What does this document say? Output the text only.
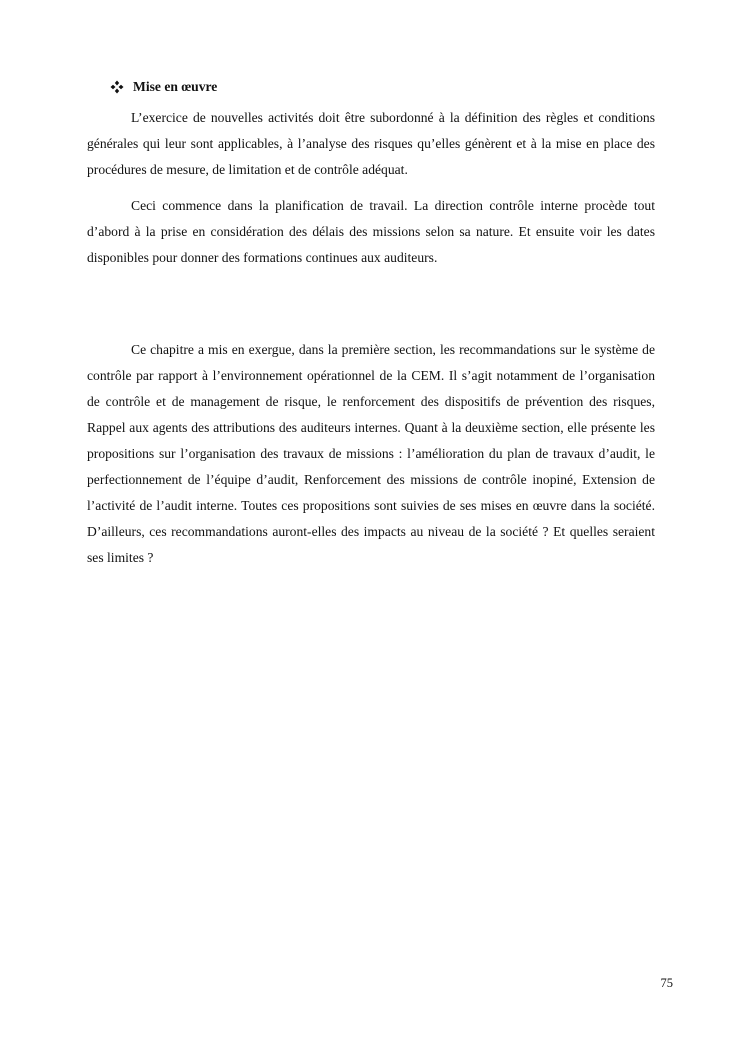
Mise en œuvre

L’exercice de nouvelles activités doit être subordonné à la définition des règles et conditions générales qui leur sont applicables, à l’analyse des risques qu’elles génèrent et à la mise en place des procédures de mesure, de limitation et de contrôle adéquat.

Ceci commence dans la planification de travail. La direction contrôle interne procède tout d’abord à la prise en considération des délais des missions selon sa nature. Et ensuite voir les dates disponibles pour donner des formations continues aux auditeurs.

Ce chapitre a mis en exergue, dans la première section, les recommandations sur le système de contrôle par rapport à l’environnement opérationnel de la CEM. Il s’agit notamment de l’organisation de contrôle et de management de risque, le renforcement des dispositifs de prévention des risques, Rappel aux agents des attributions des auditeurs internes. Quant à la deuxième section, elle présente les propositions sur l’organisation des travaux de missions : l’amélioration du plan de travaux d’audit, le perfectionnement de l’équipe d’audit, Renforcement des missions de contrôle inopiné, Extension de l’activité de l’audit interne. Toutes ces propositions sont suivies de ses mises en œuvre dans la société. D’ailleurs, ces recommandations auront-elles des impacts au niveau de la société ? Et quelles seraient ses limites ?

75
